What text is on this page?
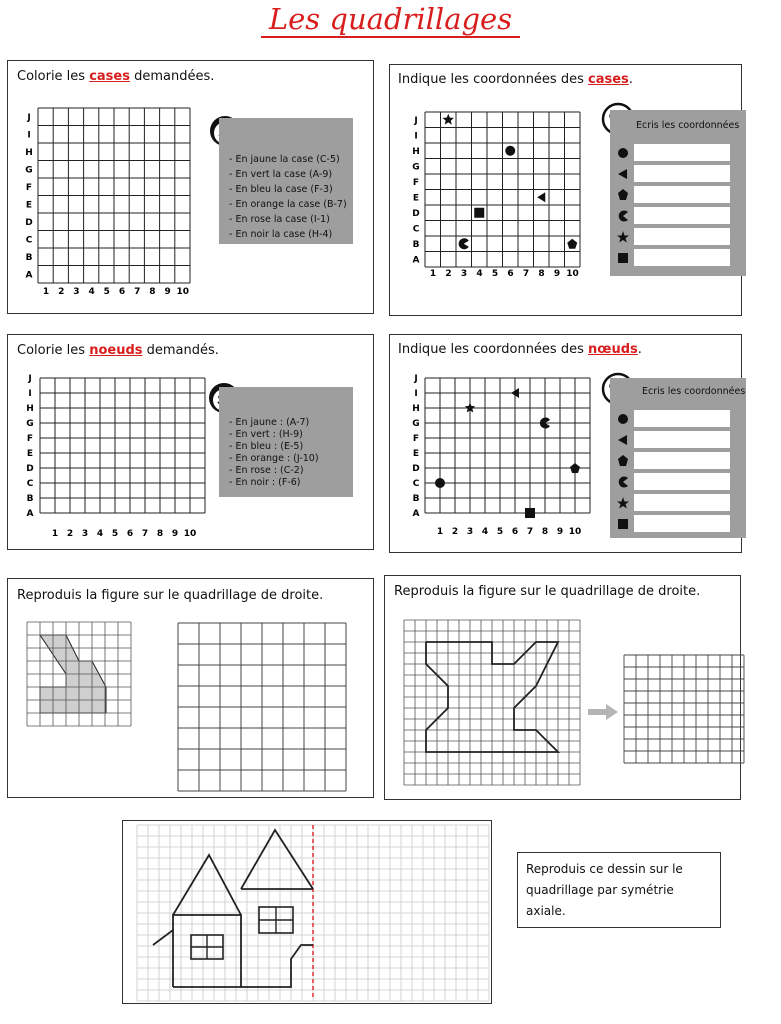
Les quadrillages
Colorie les cases demandées.
J
I
H
G
F
E
D
C
B
A
1 2 3 4 5 6 7 8 9 10
- En jaune la case (C-5)
- En vert la case (A-9)
- En bleu la case (F-3)
- En orange la case (B-7)
- En rose la case (I-1)
- En noir la case (H-4)
Indique les coordonnées des cases.
J
I
H
G
F
E
D
C
B
A
1 2 3 4 5 6 7 8 9 10
Ecris les coordonnées
Colorie les noeuds demandés.
J
I
H
G
F
E
D
C
B
A
1 2 3 4 5 6 7 8 9 10
- En jaune : (A-7)
- En vert : (H-9)
- En bleu : (E-5)
- En orange : (J-10)
- En rose : (C-2)
- En noir : (F-6)
Indique les coordonnées des nœuds.
J
I
H
G
F
E
D
C
B
A
1 2 3 4 5 6 7 8 9 10
Ecris les coordonnées
Reproduis la figure sur le quadrillage de droite.	Reproduis la figure sur le quadrillage de droite.
Reproduis ce dessin sur le
quadrillage par symétrie
axiale.
